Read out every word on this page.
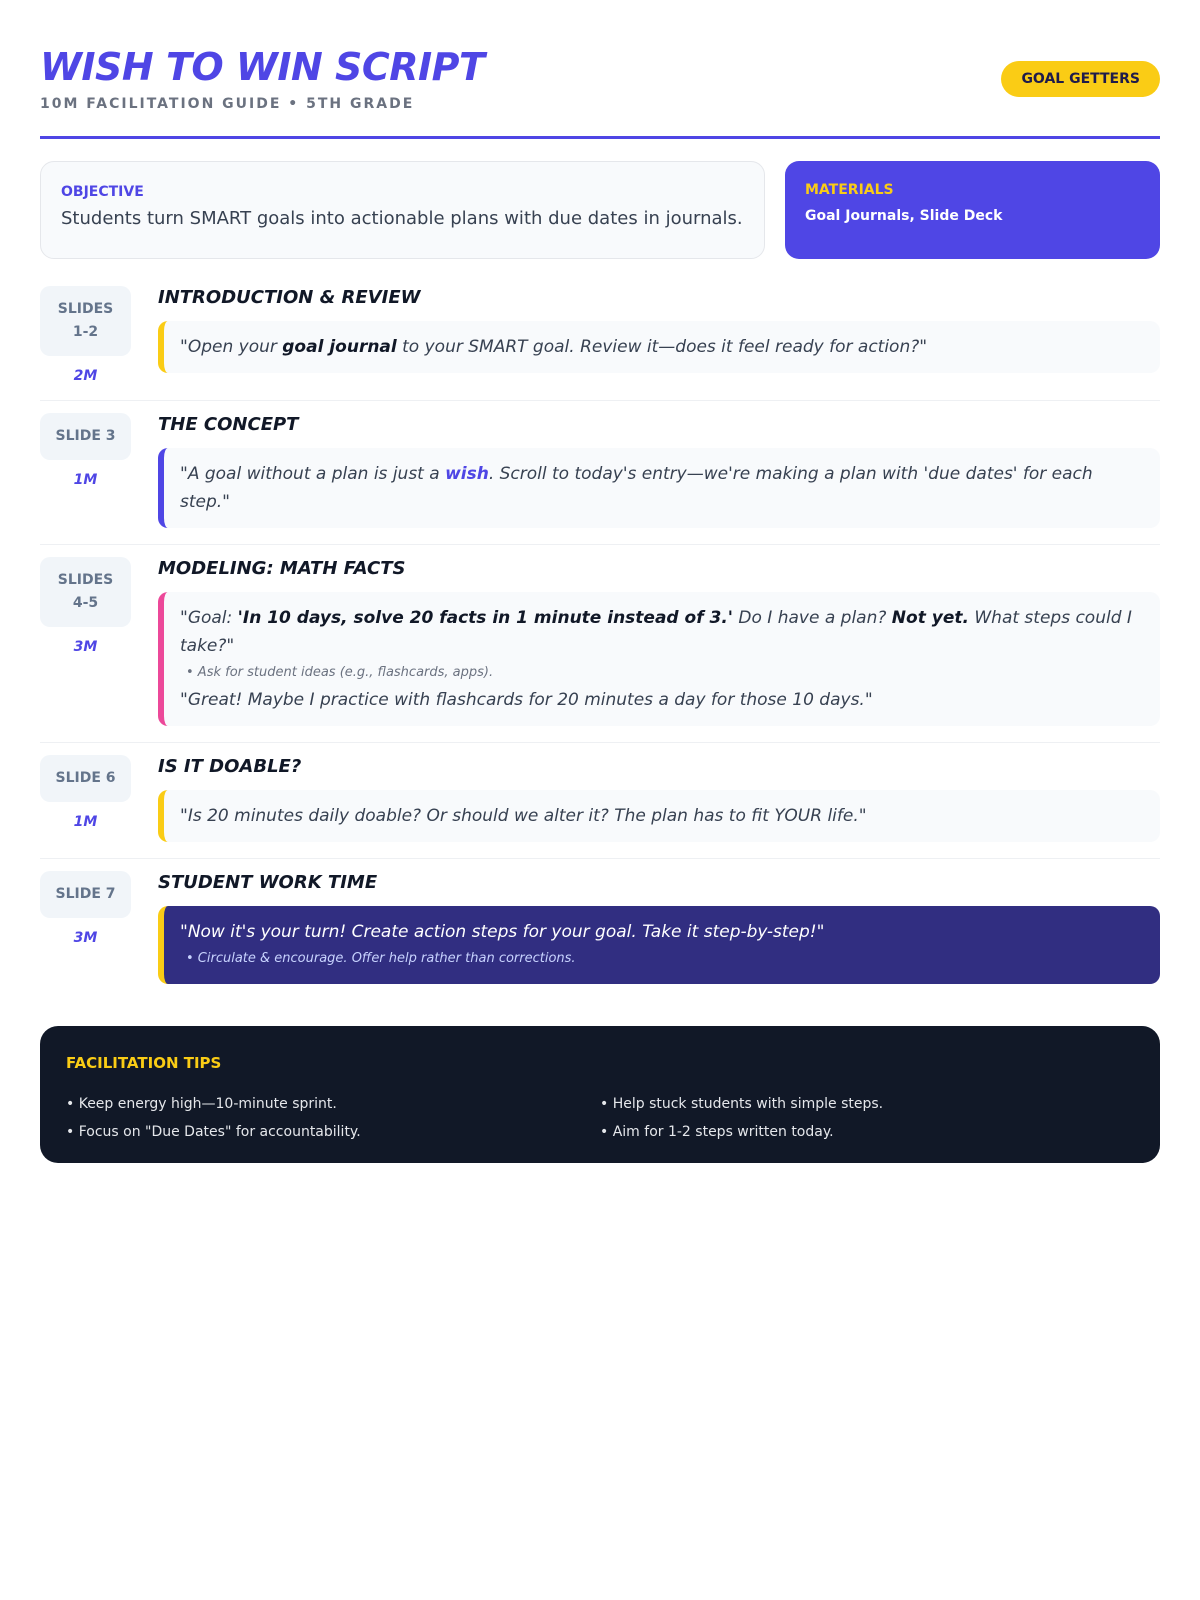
WISH TO WIN SCRIPT
10M FACILITATION GUIDE • 5TH GRADE
GOAL GETTERS
OBJECTIVE
Students turn SMART goals into actionable plans with due dates in journals.
MATERIALS
Goal Journals, Slide Deck
SLIDES
1-2
2M
INTRODUCTION & REVIEW
"Open your goal journal to your SMART goal. Review it—does it feel ready for action?"
SLIDE 3
1M
THE CONCEPT
"A goal without a plan is just a wish. Scroll to today's entry—we're making a plan with 'due dates' for each step."
SLIDES
4-5
3M
MODELING: MATH FACTS
"Goal: 'In 10 days, solve 20 facts in 1 minute instead of 3.' Do I have a plan? Not yet. What steps could I take?"
• Ask for student ideas (e.g., flashcards, apps).
"Great! Maybe I practice with flashcards for 20 minutes a day for those 10 days."
SLIDE 6
1M
IS IT DOABLE?
"Is 20 minutes daily doable? Or should we alter it? The plan has to fit YOUR life."
SLIDE 7
3M
STUDENT WORK TIME
"Now it's your turn! Create action steps for your goal. Take it step-by-step!"
• Circulate & encourage. Offer help rather than corrections.
FACILITATION TIPS
• Keep energy high—10-minute sprint.
• Focus on "Due Dates" for accountability.
• Help stuck students with simple steps.
• Aim for 1-2 steps written today.
